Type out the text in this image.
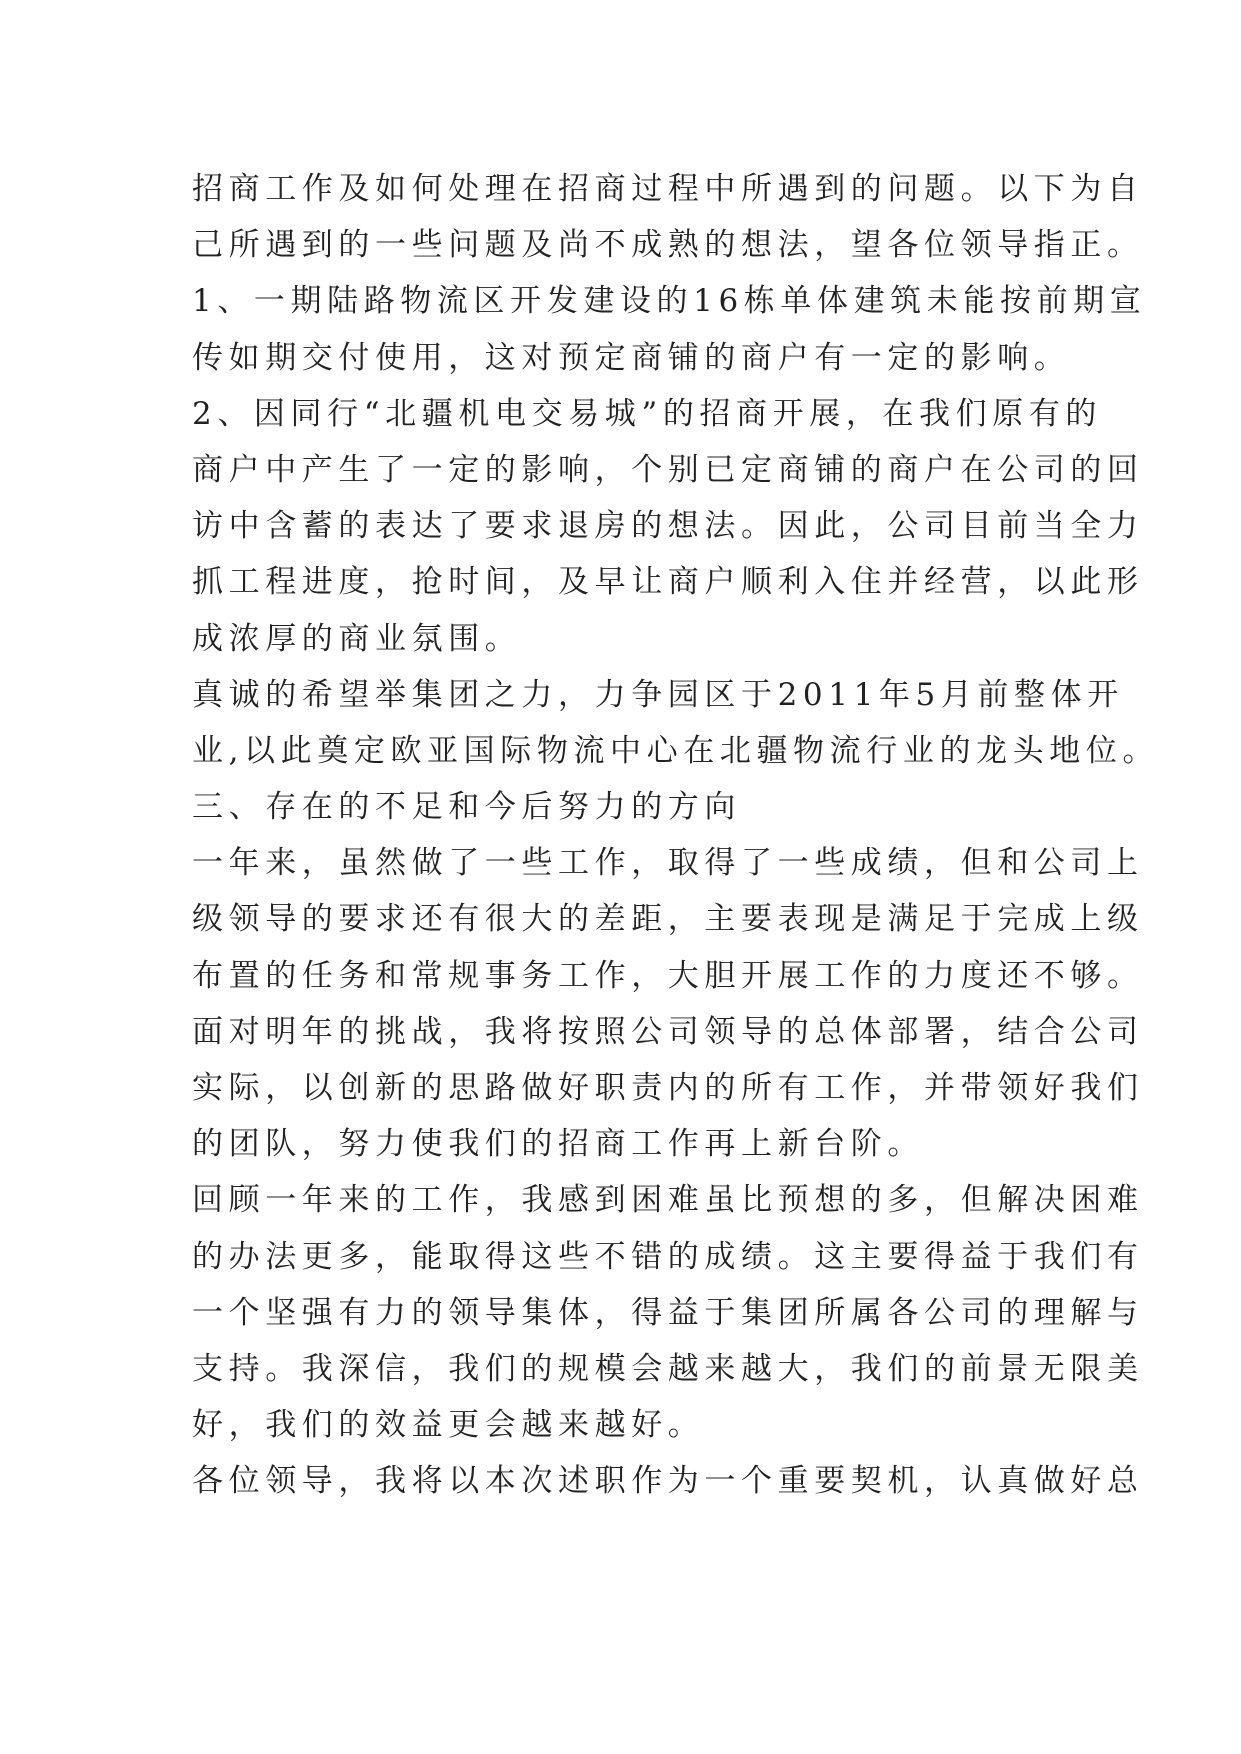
招商工作及如何处理在招商过程中所遇到的问题。以下为自

己所遇到的一些问题及尚不成熟的想法，望各位领导指正。

1、一期陆路物流区开发建设的16栋单体建筑未能按前期宣

传如期交付使用，这对预定商铺的商户有一定的影响。

2、因同行“北疆机电交易城”的招商开展，在我们原有的

商户中产生了一定的影响，个别已定商铺的商户在公司的回

访中含蓄的表达了要求退房的想法。因此，公司目前当全力

抓工程进度，抢时间，及早让商户顺利入住并经营，以此形

成浓厚的商业氛围。

真诚的希望举集团之力，力争园区于2011年5月前整体开

业,以此奠定欧亚国际物流中心在北疆物流行业的龙头地位。

三、存在的不足和今后努力的方向

一年来，虽然做了一些工作，取得了一些成绩，但和公司上

级领导的要求还有很大的差距，主要表现是满足于完成上级

布置的任务和常规事务工作，大胆开展工作的力度还不够。

面对明年的挑战，我将按照公司领导的总体部署，结合公司

实际，以创新的思路做好职责内的所有工作，并带领好我们

的团队，努力使我们的招商工作再上新台阶。

回顾一年来的工作，我感到困难虽比预想的多，但解决困难

的办法更多，能取得这些不错的成绩。这主要得益于我们有

一个坚强有力的领导集体，得益于集团所属各公司的理解与

支持。我深信，我们的规模会越来越大，我们的前景无限美

好，我们的效益更会越来越好。

各位领导，我将以本次述职作为一个重要契机，认真做好总
